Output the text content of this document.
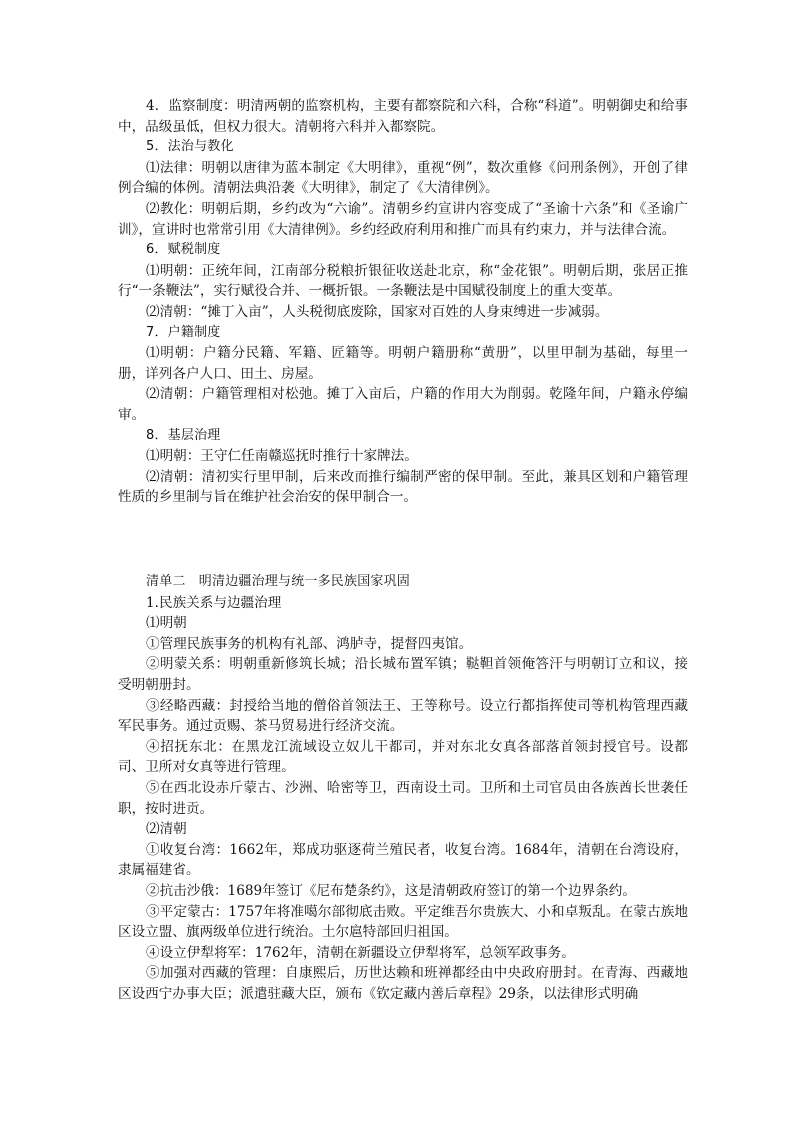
4．监察制度：明清两朝的监察机构，主要有都察院和六科，合称“科道”。明朝御史和给事中，品级虽低，但权力很大。清朝将六科并入都察院。

5．法治与教化

⑴法律：明朝以唐律为蓝本制定《大明律》，重视“例”，数次重修《问刑条例》，开创了律例合编的体例。清朝法典沿袭《大明律》，制定了《大清律例》。

⑵教化：明朝后期，乡约改为“六谕”。清朝乡约宣讲内容变成了“圣谕十六条”和《圣谕广训》，宣讲时也常常引用《大清律例》。乡约经政府利用和推广而具有约束力，并与法律合流。

6．赋税制度

⑴明朝：正统年间，江南部分税粮折银征收送赴北京，称“金花银”。明朝后期，张居正推行“一条鞭法”，实行赋役合并、一概折银。一条鞭法是中国赋役制度上的重大变革。

⑵清朝：“摊丁入亩”，人头税彻底废除，国家对百姓的人身束缚进一步减弱。

7．户籍制度

⑴明朝：户籍分民籍、军籍、匠籍等。明朝户籍册称“黄册”，以里甲制为基础，每里一册，详列各户人口、田土、房屋。

⑵清朝：户籍管理相对松弛。摊丁入亩后，户籍的作用大为削弱。乾隆年间，户籍永停编审。

8．基层治理

⑴明朝：王守仁任南赣巡抚时推行十家牌法。

⑵清朝：清初实行里甲制，后来改而推行编制严密的保甲制。至此，兼具区划和户籍管理性质的乡里制与旨在维护社会治安的保甲制合一。

清单二　明清边疆治理与统一多民族国家巩固

1.民族关系与边疆治理

⑴明朝

①管理民族事务的机构有礼部、鸿胪寺，提督四夷馆。

②明蒙关系：明朝重新修筑长城；沿长城布置军镇；鞑靼首领俺答汗与明朝订立和议，接受明朝册封。

③经略西藏：封授给当地的僧俗首领法王、王等称号。设立行都指挥使司等机构管理西藏军民事务。通过贡赐、茶马贸易进行经济交流。

④招抚东北：在黑龙江流域设立奴儿干都司，并对东北女真各部落首领封授官号。设都司、卫所对女真等进行管理。

⑤在西北设赤斤蒙古、沙洲、哈密等卫，西南设土司。卫所和土司官员由各族酋长世袭任职，按时进贡。

⑵清朝

①收复台湾：1662年，郑成功驱逐荷兰殖民者，收复台湾。1684年，清朝在台湾设府，隶属福建省。

②抗击沙俄：1689年签订《尼布楚条约》，这是清朝政府签订的第一个边界条约。

③平定蒙古：1757年将准噶尔部彻底击败。平定维吾尔贵族大、小和卓叛乱。在蒙古族地区设立盟、旗两级单位进行统治。土尔扈特部回归祖国。

④设立伊犁将军：1762年，清朝在新疆设立伊犁将军，总领军政事务。

⑤加强对西藏的管理：自康熙后，历世达赖和班禅都经由中央政府册封。在青海、西藏地区设西宁办事大臣；派遣驻藏大臣，颁布《钦定藏内善后章程》29条，以法律形式明确
